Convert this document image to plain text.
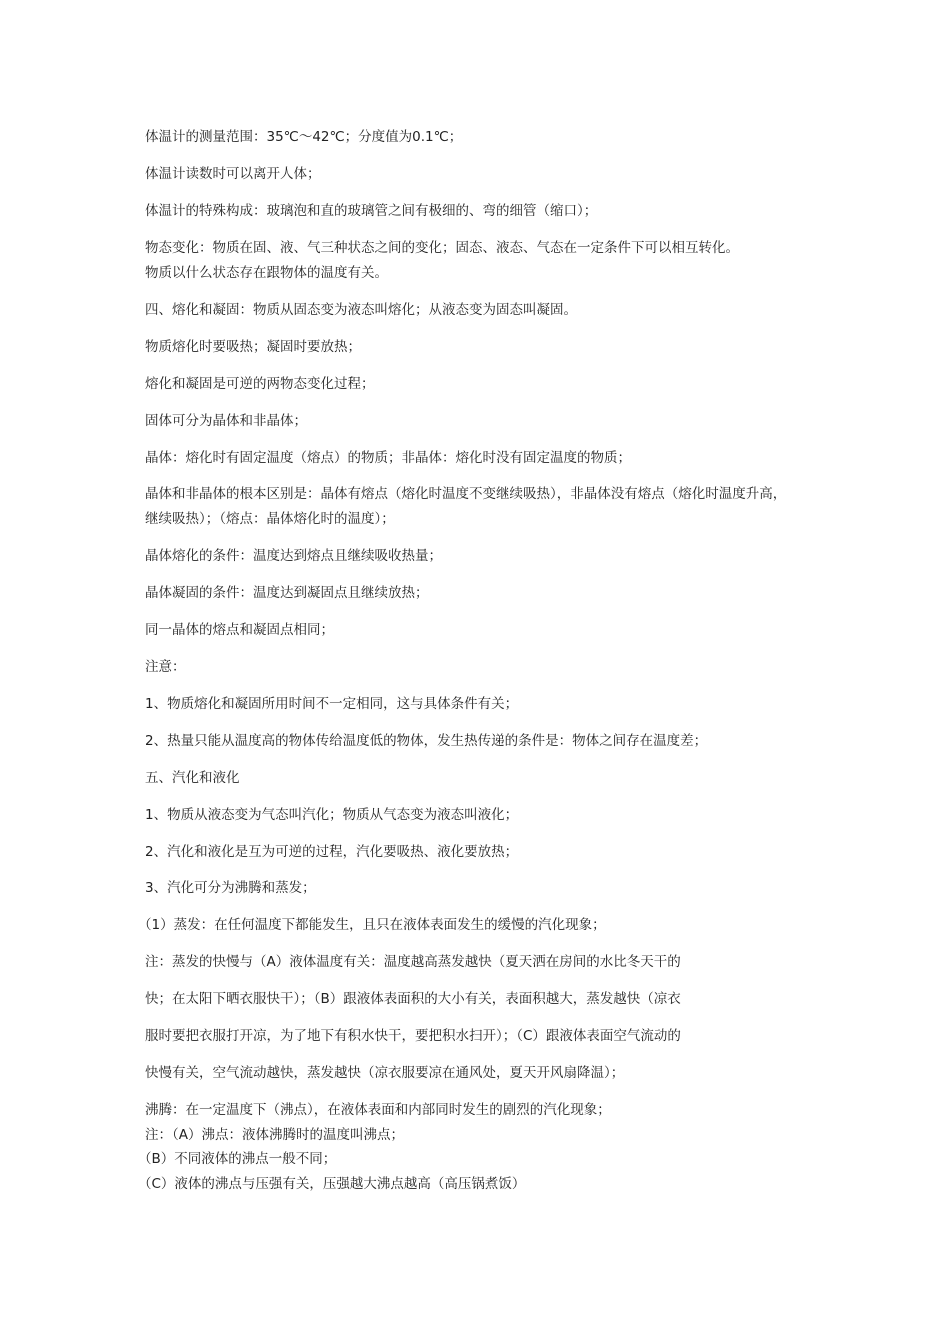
体温计的测量范围：35℃～42℃；分度值为0.1℃；
体温计读数时可以离开人体；
体温计的特殊构成：玻璃泡和直的玻璃管之间有极细的、弯的细管（缩口）；
物态变化：物质在固、液、气三种状态之间的变化；固态、液态、气态在一定条件下可以相互转化。
物质以什么状态存在跟物体的温度有关。
四、熔化和凝固：物质从固态变为液态叫熔化；从液态变为固态叫凝固。
物质熔化时要吸热；凝固时要放热；
熔化和凝固是可逆的两物态变化过程；
固体可分为晶体和非晶体；
晶体：熔化时有固定温度（熔点）的物质；非晶体：熔化时没有固定温度的物质；
晶体和非晶体的根本区别是：晶体有熔点（熔化时温度不变继续吸热），非晶体没有熔点（熔化时温度升高，
继续吸热）；（熔点：晶体熔化时的温度）；
晶体熔化的条件：温度达到熔点且继续吸收热量；
晶体凝固的条件：温度达到凝固点且继续放热；
同一晶体的熔点和凝固点相同；
注意：
1、物质熔化和凝固所用时间不一定相同，这与具体条件有关；
2、热量只能从温度高的物体传给温度低的物体，发生热传递的条件是：物体之间存在温度差；
五、汽化和液化
1、物质从液态变为气态叫汽化；物质从气态变为液态叫液化；
2、汽化和液化是互为可逆的过程，汽化要吸热、液化要放热；
3、汽化可分为沸腾和蒸发；
（1）蒸发：在任何温度下都能发生，且只在液体表面发生的缓慢的汽化现象；
注：蒸发的快慢与（A）液体温度有关：温度越高蒸发越快（夏天洒在房间的水比冬天干的
快；在太阳下晒衣服快干）；（B）跟液体表面积的大小有关，表面积越大，蒸发越快（凉衣
服时要把衣服打开凉，为了地下有积水快干，要把积水扫开）；（C）跟液体表面空气流动的
快慢有关，空气流动越快，蒸发越快（凉衣服要凉在通风处，夏天开风扇降温）；
沸腾：在一定温度下（沸点），在液体表面和内部同时发生的剧烈的汽化现象；
注：（A）沸点：液体沸腾时的温度叫沸点；
（B）不同液体的沸点一般不同；
（C）液体的沸点与压强有关，压强越大沸点越高（高压锅煮饭）
